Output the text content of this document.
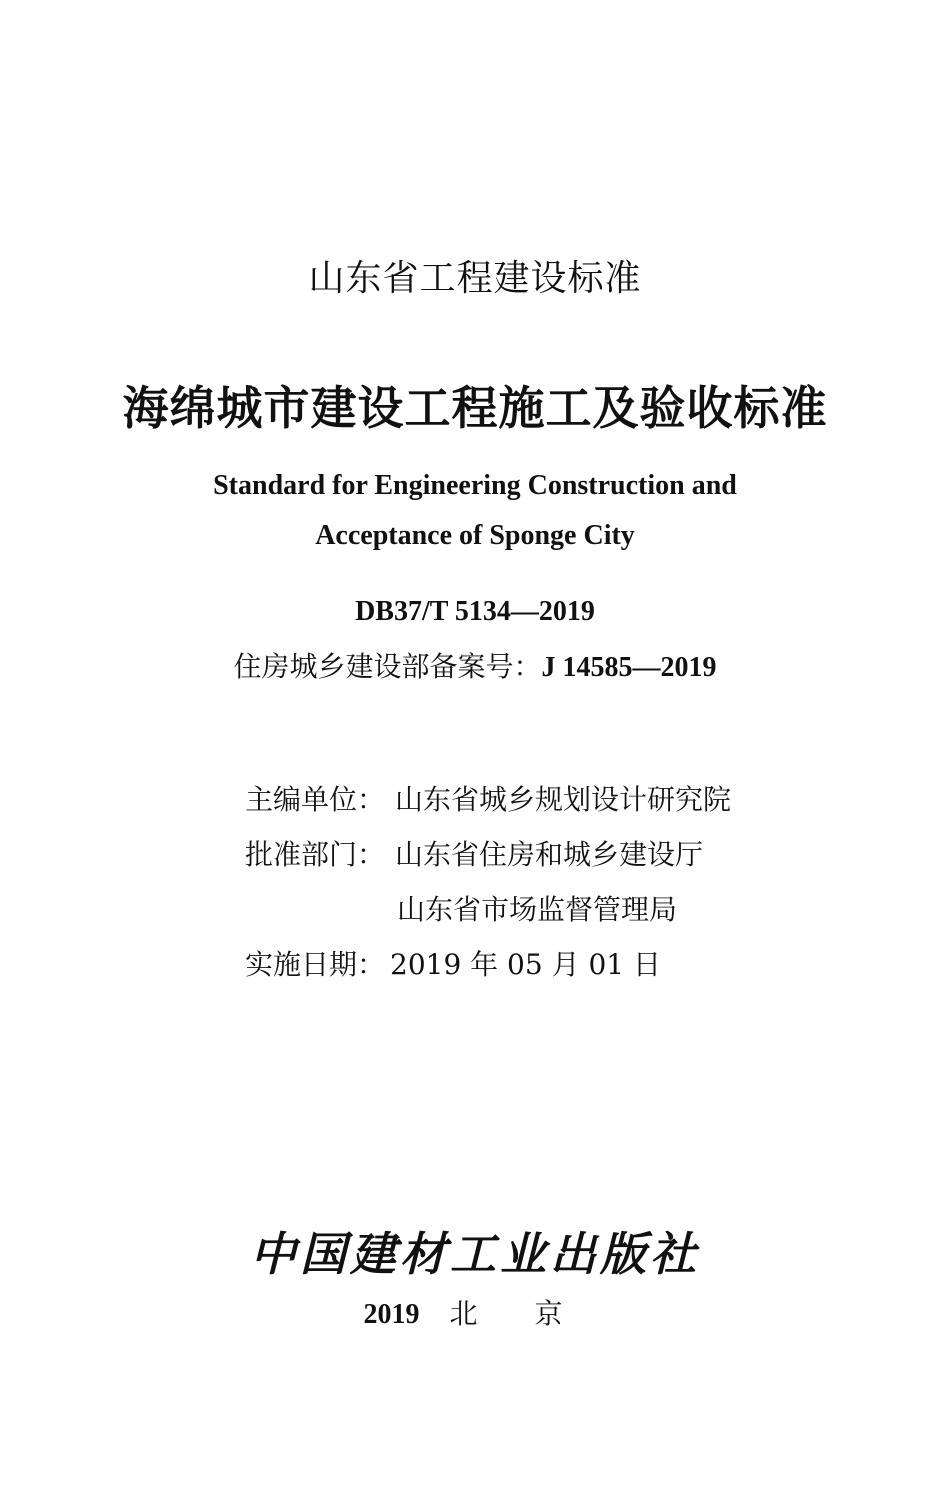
山东省工程建设标准
海绵城市建设工程施工及验收标准
Standard for Engineering Construction and
Acceptance of Sponge City
DB37/T 5134—2019
住房城乡建设部备案号：J 14585—2019
主编单位： 山东省城乡规划设计研究院
批准部门： 山东省住房和城乡建设厅
山东省市场监督管理局
实施日期： 2019 年 05 月 01 日
中国建材工业出版社
2019 北 京
